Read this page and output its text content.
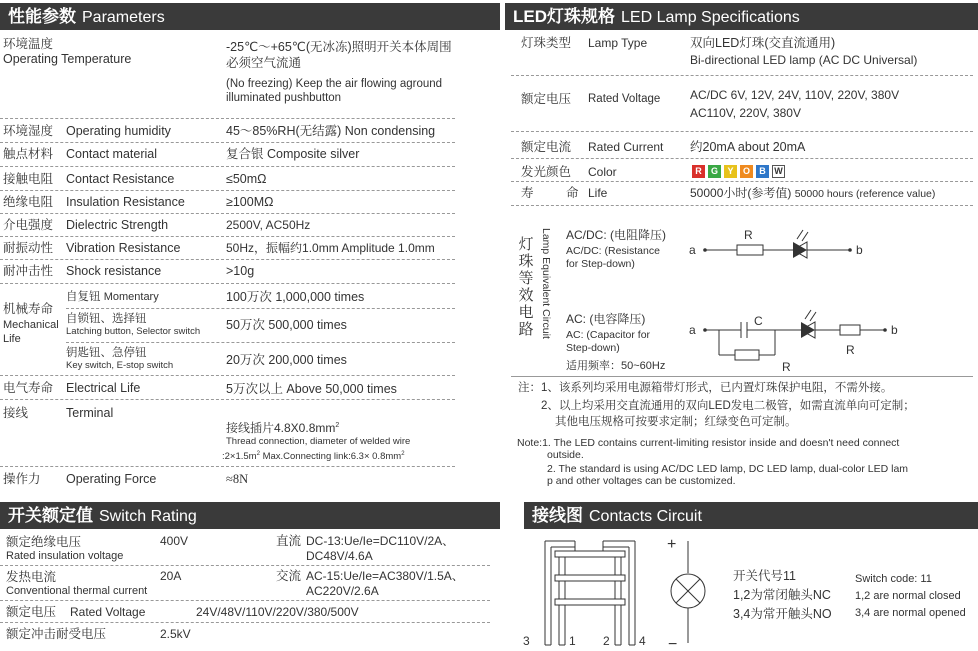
性能参数 Parameters
环境温度
Operating Temperature
-25℃～+65℃(无冰冻)照明开关本体周围
必须空气流通
(No freezing) Keep the air flowing aground
illuminated pushbutton
环境湿度 Operating humidity	45～85%RH(无结露) Non condensing
触点材料 Contact material	复合银 Composite silver
接触电阻 Contact Resistance	≤50mΩ
绝缘电阻 Insulation Resistance	≥100MΩ
介电强度 Dielectric Strength	2500V, AC50Hz
耐振动性 Vibration Resistance	50Hz，振幅约1.0mm Amplitude 1.0mm
耐冲击性 Shock resistance	>10g
机械寿命
Mechanical
Life
自复钮 Momentary	100万次 1,000,000 times
自锁钮、选择钮
Latching button, Selector switch 50万次 500,000 times
钥匙钮、急停钮
Key switch, E-stop switch	20万次 200,000 times
电气寿命 Electrical Life	5万次以上 Above 50,000 times
接线	Terminal
接线插片$4.8X0.8mm^2$
Thread connection, diameter of welded wire
$:2\times 1.5m^2$ Max.Connecting link:6.3× $0.8mm^2$
操作力 Operating Force	≈8N
开关额定值 Switch Rating
额定绝缘电压
Rated insulation voltage
400V	直流 DC-13:Ue/Ie=DC110V/2A、
DC48V/4.6A
发热电流
Conventional thermal current
20A	交流 AC-15:Ue/Ie=AC380V/1.5A、
AC220V/2.6A
额定电压 Rated Voltage	24V/48V/110V/220V/380/500V
额定冲击耐受电压	2.5kV
LED灯珠规格 LED Lamp Specifications
灯珠类型 Lamp Type	双向LED灯珠(交直流通用)
Bi-directional LED lamp (AC DC Universal)
额定电压 Rated Voltage AC/DC 6V, 12V, 24V, 110V, 220V, 380V
AC110V, 220V, 380V
额定电流 Rated Current 约20mA about 20mA
发光颜色 Color	R G Y O B W
寿	命 Life	50000小时(参考值) 50000 hours (reference value)
灯珠等效电路 Lamp Equivalent Circuit AC/DC: (电阻降压)
AC/DC: (Resistance
for Step-down)
AC: (电容降压)
AC: (Capacitor for
Step-down)
适用频率：50~60Hz
a
R
b
a
C
R
R
b
注：1、该系列均采用电源箱带灯形式，已内置灯珠保护电阻，不需外接。
2、以上均采用交直流通用的双向LED发电二极管，如需直流单向可定制；
其他电压规格可按要求定制；红绿变色可定制。
Note:1. The LED contains current-limiting resistor inside and doesn't need connect
outside.
2. The standard is using AC/DC LED lamp, DC LED lamp, dual-color LED lam
p and other voltages can be customized.
接线图 Contacts Circuit
3	1 2 4
+
−
开关代号11
1,2为常闭触头NC
3,4为常开触头NO
Switch code: 11
1,2 are normal closed
3,4 are normal opened
